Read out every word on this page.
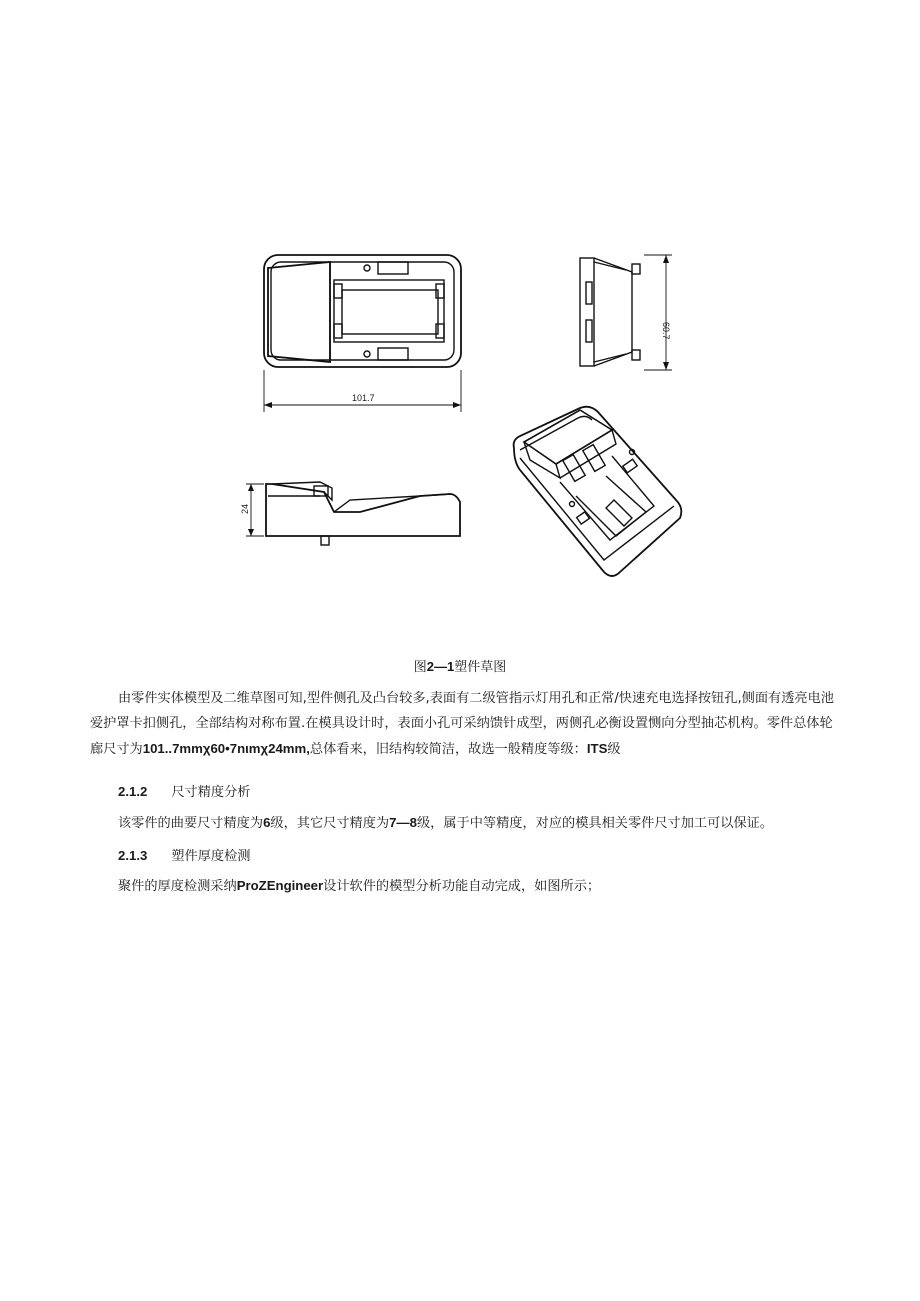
101.7
60.7
24
图2—1塑件草图

由零件实体模型及二维草图可知,型件侧孔及凸台较多,表面有二级管指示灯用孔和正常/快速充电选择按钮孔,侧面有透亮电池爱护罩卡扣侧孔，全部结构对称布置.在模具设计时，表面小孔可采纳馈针成型，两侧孔必衡设置恻向分型抽芯机构。零件总体轮廊尺寸为101..7mmχ60•7nιmχ24mm,总体看来，旧结构较简洁，故选一般精度等级：ITS级

2.1.2 尺寸精度分析

该零件的曲要尺寸精度为6级，其它尺寸精度为7—8级，属于中等精度，对应的模具相关零件尺寸加工可以保证。

2.1.3 塑件厚度检测

聚件的厚度检测采纳ProZEngineer设计软件的模型分析功能自动完成，如图所示；
